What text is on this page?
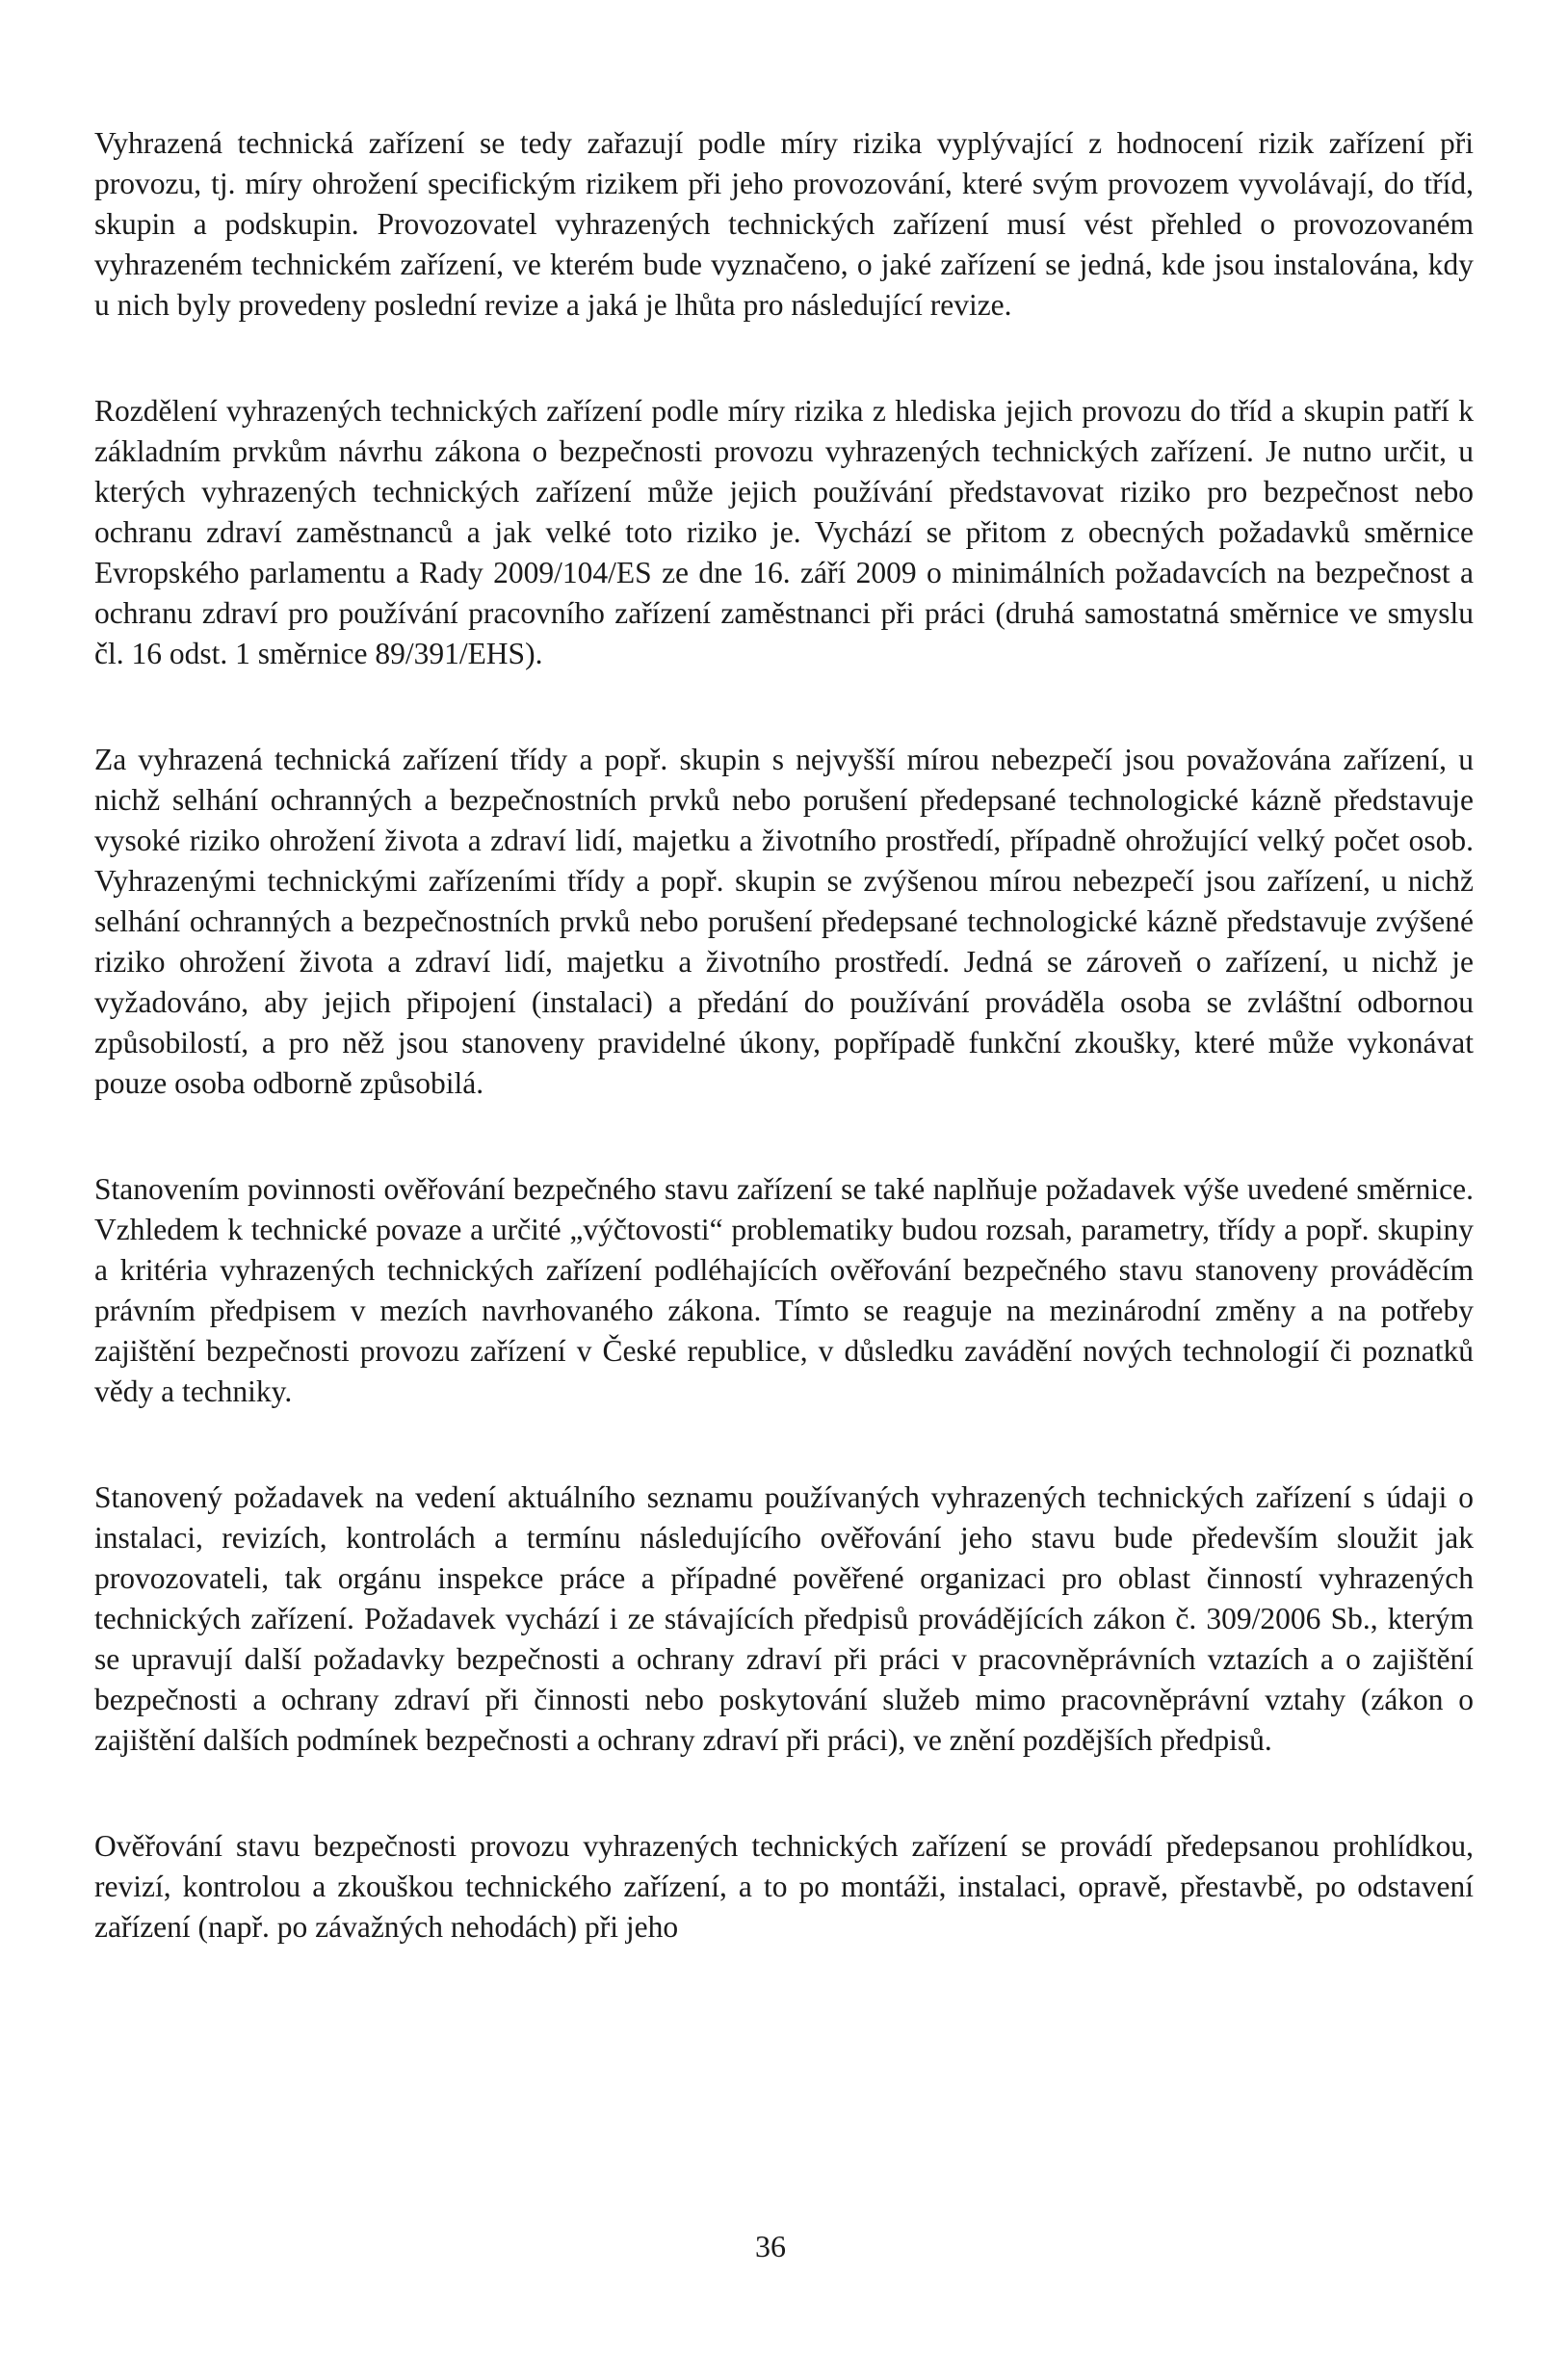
Vyhrazená technická zařízení se tedy zařazují podle míry rizika vyplývající z hodnocení rizik zařízení při provozu, tj. míry ohrožení specifickým rizikem při jeho provozování, které svým provozem vyvolávají, do tříd, skupin a podskupin. Provozovatel vyhrazených technických zařízení musí vést přehled o provozovaném vyhrazeném technickém zařízení, ve kterém bude vyznačeno, o jaké zařízení se jedná, kde jsou instalována, kdy u nich byly provedeny poslední revize a jaká je lhůta pro následující revize.

Rozdělení vyhrazených technických zařízení podle míry rizika z hlediska jejich provozu do tříd a skupin patří k základním prvkům návrhu zákona o bezpečnosti provozu vyhrazených technických zařízení. Je nutno určit, u kterých vyhrazených technických zařízení může jejich používání představovat riziko pro bezpečnost nebo ochranu zdraví zaměstnanců a jak velké toto riziko je. Vychází se přitom z obecných požadavků směrnice Evropského parlamentu a Rady 2009/104/ES ze dne 16. září 2009 o minimálních požadavcích na bezpečnost a ochranu zdraví pro používání pracovního zařízení zaměstnanci při práci (druhá samostatná směrnice ve smyslu čl. 16 odst. 1 směrnice 89/391/EHS).

Za vyhrazená technická zařízení třídy a popř. skupin s nejvyšší mírou nebezpečí jsou považována zařízení, u nichž selhání ochranných a bezpečnostních prvků nebo porušení předepsané technologické kázně představuje vysoké riziko ohrožení života a zdraví lidí, majetku a životního prostředí, případně ohrožující velký počet osob. Vyhrazenými technickými zařízeními třídy a popř. skupin se zvýšenou mírou nebezpečí jsou zařízení, u nichž selhání ochranných a bezpečnostních prvků nebo porušení předepsané technologické kázně představuje zvýšené riziko ohrožení života a zdraví lidí, majetku a životního prostředí. Jedná se zároveň o zařízení, u nichž je vyžadováno, aby jejich připojení (instalaci) a předání do používání prováděla osoba se zvláštní odbornou způsobilostí, a pro něž jsou stanoveny pravidelné úkony, popřípadě funkční zkoušky, které může vykonávat pouze osoba odborně způsobilá.

Stanovením povinnosti ověřování bezpečného stavu zařízení se také naplňuje požadavek výše uvedené směrnice. Vzhledem k technické povaze a určité „výčtovosti“ problematiky budou rozsah, parametry, třídy a popř. skupiny a kritéria vyhrazených technických zařízení podléhajících ověřování bezpečného stavu stanoveny prováděcím právním předpisem v mezích navrhovaného zákona. Tímto se reaguje na mezinárodní změny a na potřeby zajištění bezpečnosti provozu zařízení v České republice, v důsledku zavádění nových technologií či poznatků vědy a techniky.

Stanovený požadavek na vedení aktuálního seznamu používaných vyhrazených technických zařízení s údaji o instalaci, revizích, kontrolách a termínu následujícího ověřování jeho stavu bude především sloužit jak provozovateli, tak orgánu inspekce práce a případné pověřené organizaci pro oblast činností vyhrazených technických zařízení. Požadavek vychází i ze stávajících předpisů prováděјících zákon č. 309/2006 Sb., kterým se upravují další požadavky bezpečnosti a ochrany zdraví při práci v pracovněprávních vztazích a o zajištění bezpečnosti a ochrany zdraví při činnosti nebo poskytování služeb mimo pracovněprávní vztahy (zákon o zajištění dalších podmínek bezpečnosti a ochrany zdraví při práci), ve znění pozdějších předpisů.

Ověřování stavu bezpečnosti provozu vyhrazených technických zařízení se provádí předepsanou prohlídkou, revizí, kontrolou a zkouškou technického zařízení, a to po montáži, instalaci, opravě, přestavbě, po odstavení zařízení (např. po závažných nehodách) při jeho

36
